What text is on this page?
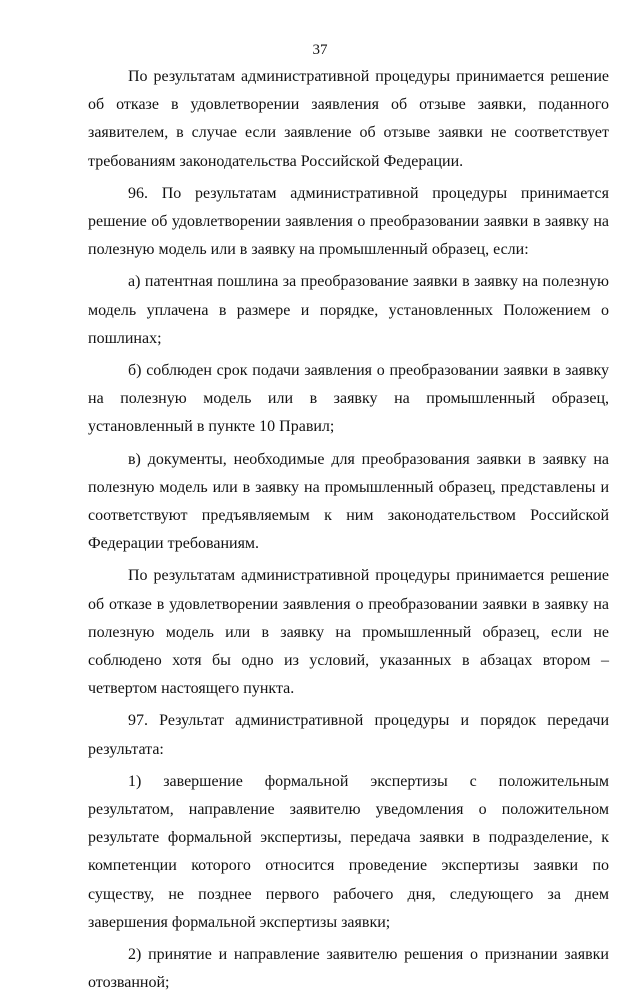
37

По результатам административной процедуры принимается решение об отказе в удовлетворении заявления об отзыве заявки, поданного заявителем, в случае если заявление об отзыве заявки не соответствует требованиям законодательства Российской Федерации.

96. По результатам административной процедуры принимается решение об удовлетворении заявления о преобразовании заявки в заявку на полезную модель или в заявку на промышленный образец, если:

а) патентная пошлина за преобразование заявки в заявку на полезную модель уплачена в размере и порядке, установленных Положением о пошлинах;

б) соблюден срок подачи заявления о преобразовании заявки в заявку на полезную модель или в заявку на промышленный образец, установленный в пункте 10 Правил;

в) документы, необходимые для преобразования заявки в заявку на полезную модель или в заявку на промышленный образец, представлены и соответствуют предъявляемым к ним законодательством Российской Федерации требованиям.

По результатам административной процедуры принимается решение об отказе в удовлетворении заявления о преобразовании заявки в заявку на полезную модель или в заявку на промышленный образец, если не соблюдено хотя бы одно из условий, указанных в абзацах втором – четвертом настоящего пункта.

97. Результат административной процедуры и порядок передачи результата:

1) завершение формальной экспертизы с положительным результатом, направление заявителю уведомления о положительном результате формальной экспертизы, передача заявки в подразделение, к компетенции которого относится проведение экспертизы заявки по существу, не позднее первого рабочего дня, следующего за днем завершения формальной экспертизы заявки;

2) принятие и направление заявителю решения о признании заявки отозванной;
